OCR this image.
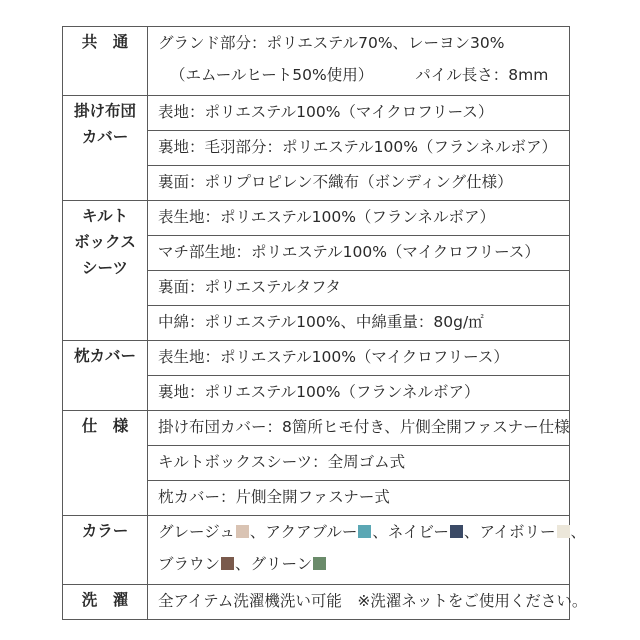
共　通	グランド部分：ポリエステル70%、レーヨン30%
（エムールヒート50%使用） パイル長さ：8mm

掛け布団
カバー	表地：ポリエステル100%（マイクロフリース）

	裏地：毛羽部分：ポリエステル100%（フランネルボア）

	裏面：ポリプロピレン不織布（ボンディング仕様）

キルト
ボックス
シーツ	表生地：ポリエステル100%（フランネルボア）

	マチ部生地：ポリエステル100%（マイクロフリース）

	裏面：ポリエステルタフタ

	中綿：ポリエステル100%、中綿重量：80g/㎡

枕カバー	表生地：ポリエステル100%（マイクロフリース）

	裏地：ポリエステル100%（フランネルボア）

仕　様	掛け布団カバー：8箇所ヒモ付き、片側全開ファスナー仕様

	キルトボックスシーツ：全周ゴム式

	枕カバー：片側全開ファスナー式

カラー	グレージュ 、アクアブルー 、ネイビー 、アイボリー 、
ブラウン 、グリーン

洗　濯	全アイテム洗濯機洗い可能　※洗濯ネットをご使用ください。
